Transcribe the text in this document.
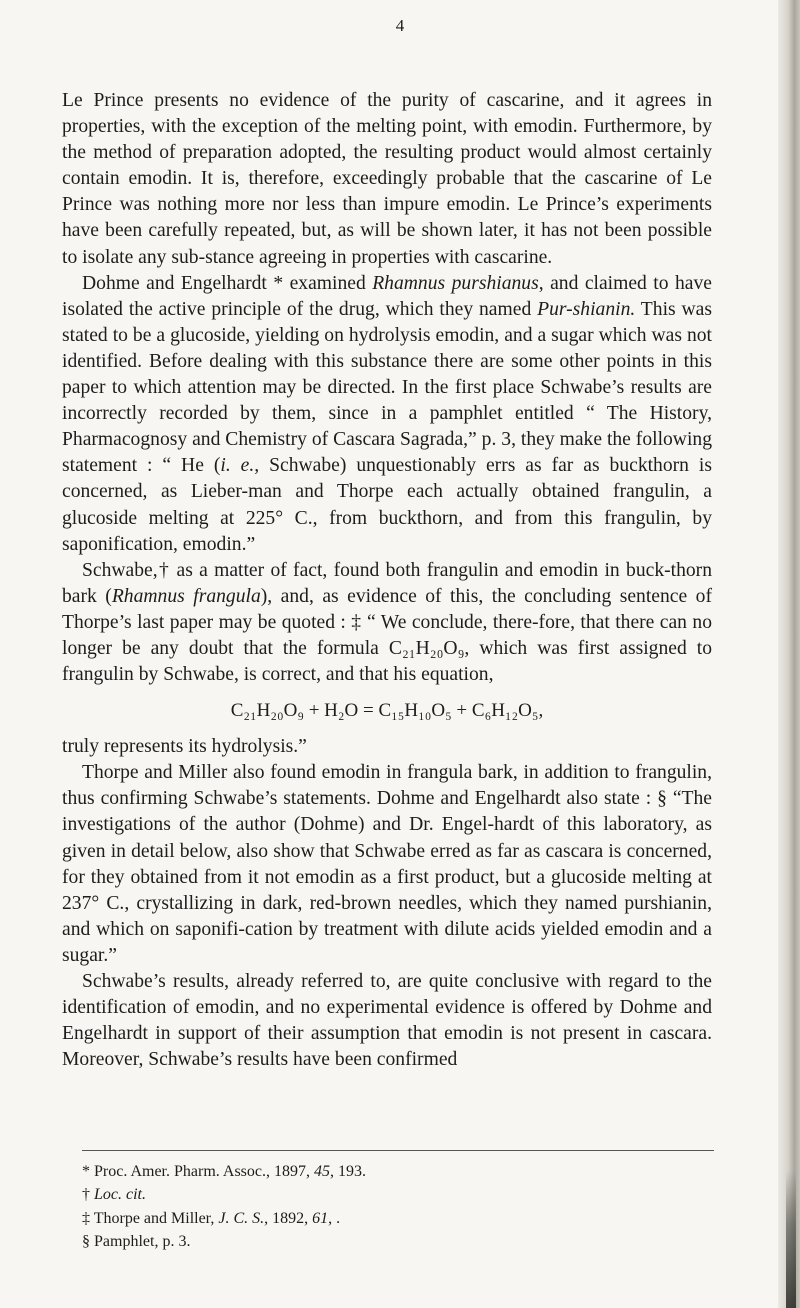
4

Le Prince presents no evidence of the purity of cascarine, and it agrees in properties, with the exception of the melting point, with emodin. Furthermore, by the method of preparation adopted, the resulting product would almost certainly contain emodin. It is, therefore, exceedingly probable that the cascarine of Le Prince was nothing more nor less than impure emodin. Le Prince’s experiments have been carefully repeated, but, as will be shown later, it has not been possible to isolate any sub-stance agreeing in properties with cascarine.

Dohme and Engelhardt * examined Rhamnus purshianus, and claimed to have isolated the active principle of the drug, which they named Pur-shianin. This was stated to be a glucoside, yielding on hydrolysis emodin, and a sugar which was not identified. Before dealing with this substance there are some other points in this paper to which attention may be directed. In the first place Schwabe’s results are incorrectly recorded by them, since in a pamphlet entitled “ The History, Pharmacognosy and Chemistry of Cascara Sagrada,” p. 3, they make the following statement : “ He (i. e., Schwabe) unquestionably errs as far as buckthorn is concerned, as Lieber-man and Thorpe each actually obtained frangulin, a glucoside melting at 225° C., from buckthorn, and from this frangulin, by saponification, emodin.”

Schwabe,† as a matter of fact, found both frangulin and emodin in buck-thorn bark (Rhamnus frangula), and, as evidence of this, the concluding sentence of Thorpe’s last paper may be quoted : ‡ “ We conclude, there-fore, that there can no longer be any doubt that the formula C₂₁H₂₀O₉, which was first assigned to frangulin by Schwabe, is correct, and that his equation,

C₂₁H₂₀O₉ + H₂O = C₁₅H₁₀O₅ + C₆H₁₂O₅,

truly represents its hydrolysis.”

Thorpe and Miller also found emodin in frangula bark, in addition to frangulin, thus confirming Schwabe’s statements. Dohme and Engelhardt also state : § “The investigations of the author (Dohme) and Dr. Engel-hardt of this laboratory, as given in detail below, also show that Schwabe erred as far as cascara is concerned, for they obtained from it not emodin as a first product, but a glucoside melting at 237° C., crystallizing in dark, red-brown needles, which they named purshianin, and which on saponifi-cation by treatment with dilute acids yielded emodin and a sugar.”

Schwabe’s results, already referred to, are quite conclusive with regard to the identification of emodin, and no experimental evidence is offered by Dohme and Engelhardt in support of their assumption that emodin is not present in cascara. Moreover, Schwabe’s results have been confirmed

* Proc. Amer. Pharm. Assoc., 1897, 45, 193.
† Loc. cit.
‡ Thorpe and Miller, J. C. S., 1892, 61, .
§ Pamphlet, p. 3.
